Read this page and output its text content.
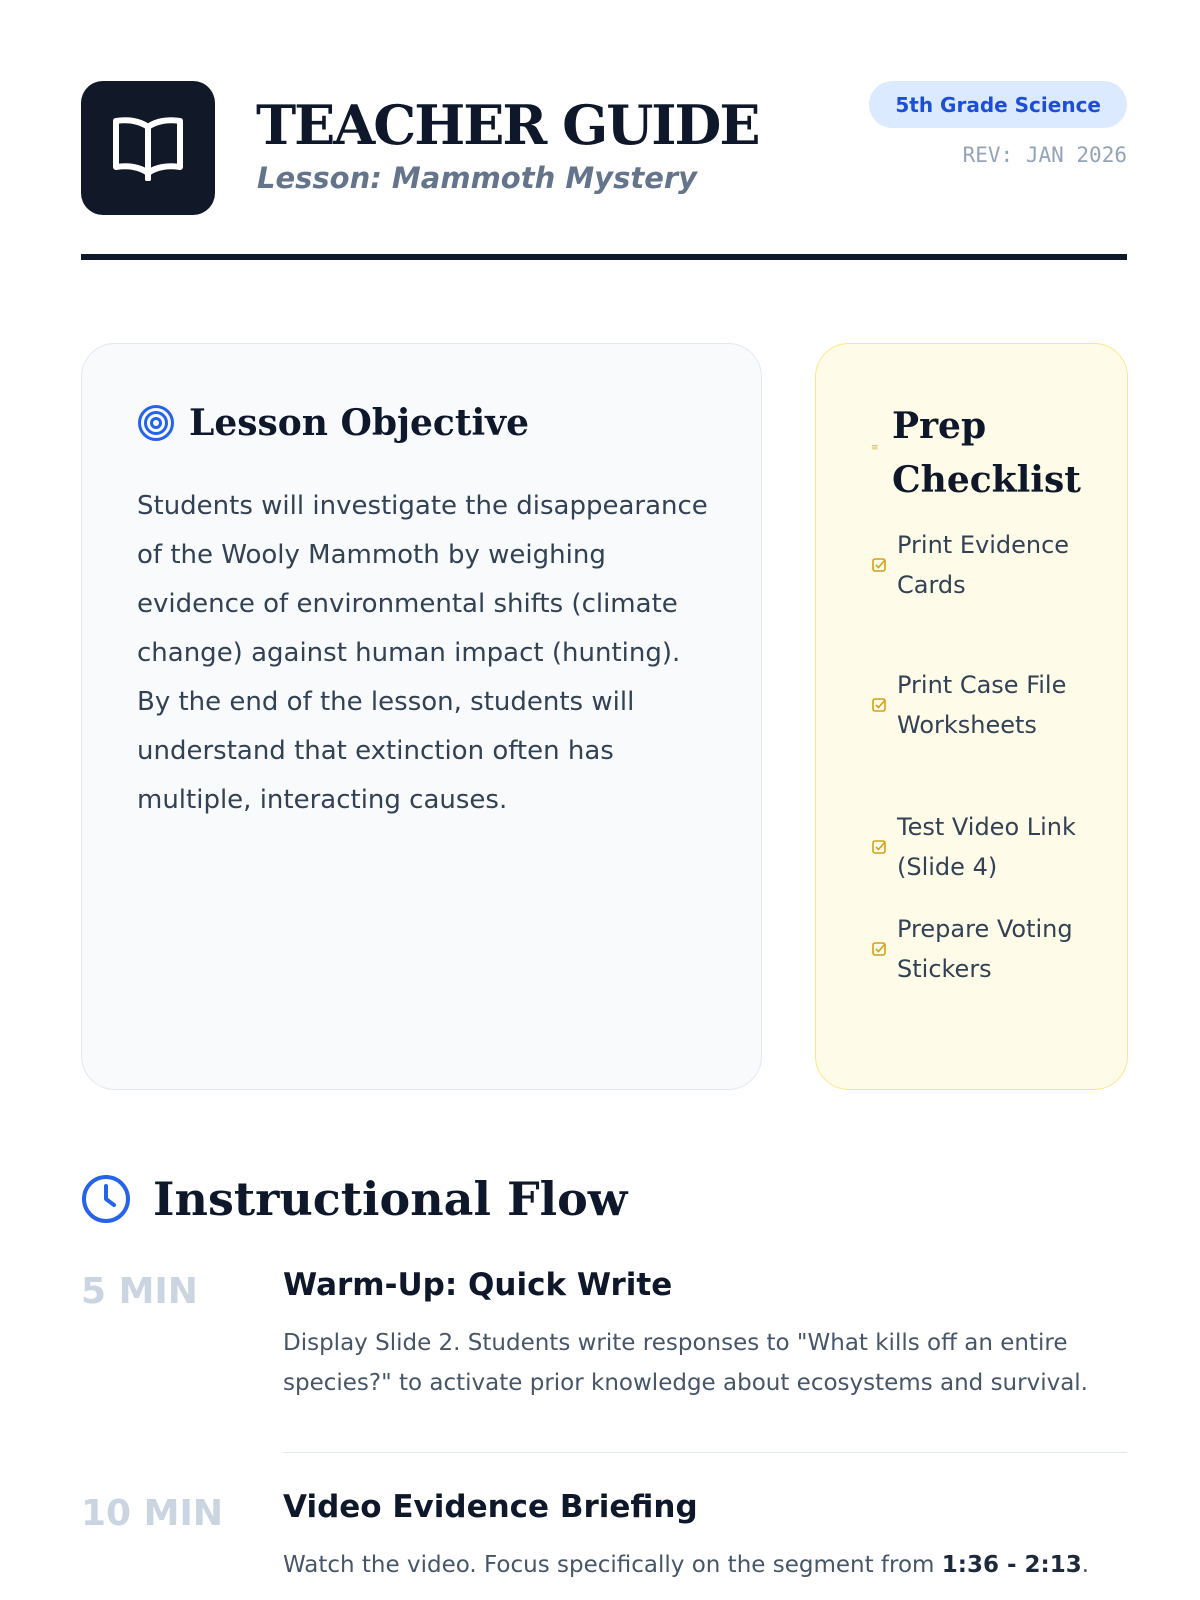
TEACHER GUIDE
Lesson: Mammoth Mystery
5th Grade Science
REV: JAN 2026
Lesson Objective

Students will investigate the disappearance of the Wooly Mammoth by weighing evidence of environmental shifts (climate change) against human impact (hunting). By the end of the lesson, students will understand that extinction often has multiple, interacting causes.

≡
Prep Checklist
Print Evidence Cards
Print Case File Worksheets
Test Video Link (Slide 4)
Prepare Voting Stickers
Instructional Flow
5 MIN	Warm-Up: Quick Write

Display Slide 2. Students write responses to "What kills off an entire species?" to activate prior knowledge about ecosystems and survival.

10 MIN Video Evidence Briefing

Watch the video. Focus specifically on the segment from 1:36 - 2:13.
